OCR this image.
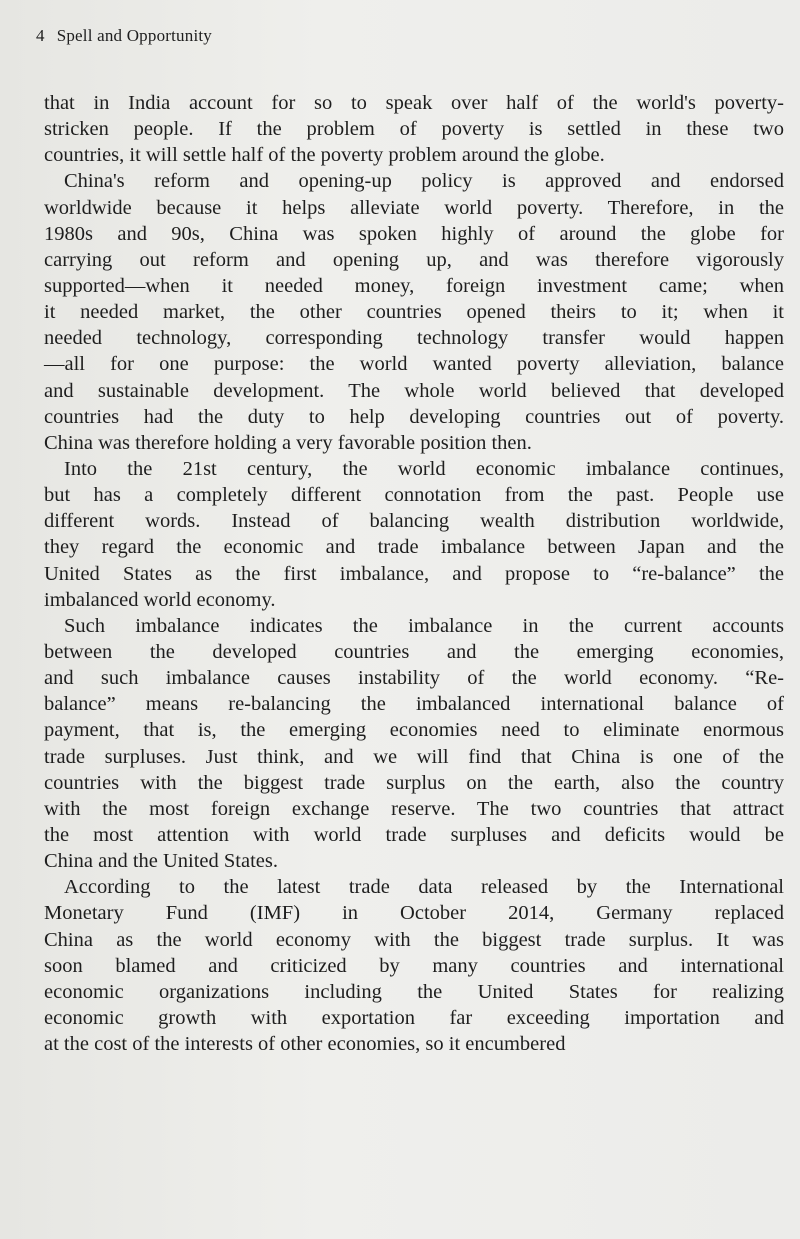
4 Spell and Opportunity

that in India account for so to speak over half of the world's poverty-
stricken people. If the problem of poverty is settled in these two
countries, it will settle half of the poverty problem around the globe.
China's reform and opening-up policy is approved and endorsed
worldwide because it helps alleviate world poverty. Therefore, in the
1980s and 90s, China was spoken highly of around the globe for
carrying out reform and opening up, and was therefore vigorously
supported—when it needed money, foreign investment came; when
it needed market, the other countries opened theirs to it; when it
needed technology, corresponding technology transfer would happen
—all for one purpose: the world wanted poverty alleviation, balance
and sustainable development. The whole world believed that developed
countries had the duty to help developing countries out of poverty.
China was therefore holding a very favorable position then.
Into the 21st century, the world economic imbalance continues,
but has a completely different connotation from the past. People use
different words. Instead of balancing wealth distribution worldwide,
they regard the economic and trade imbalance between Japan and the
United States as the first imbalance, and propose to “re-balance” the
imbalanced world economy.
Such imbalance indicates the imbalance in the current accounts
between the developed countries and the emerging economies,
and such imbalance causes instability of the world economy. “Re-
balance” means re-balancing the imbalanced international balance of
payment, that is, the emerging economies need to eliminate enormous
trade surpluses. Just think, and we will find that China is one of the
countries with the biggest trade surplus on the earth, also the country
with the most foreign exchange reserve. The two countries that attract
the most attention with world trade surpluses and deficits would be
China and the United States.
According to the latest trade data released by the International
Monetary Fund (IMF) in October 2014, Germany replaced
China as the world economy with the biggest trade surplus. It was
soon blamed and criticized by many countries and international
economic organizations including the United States for realizing
economic growth with exportation far exceeding importation and
at the cost of the interests of other economies, so it encumbered
